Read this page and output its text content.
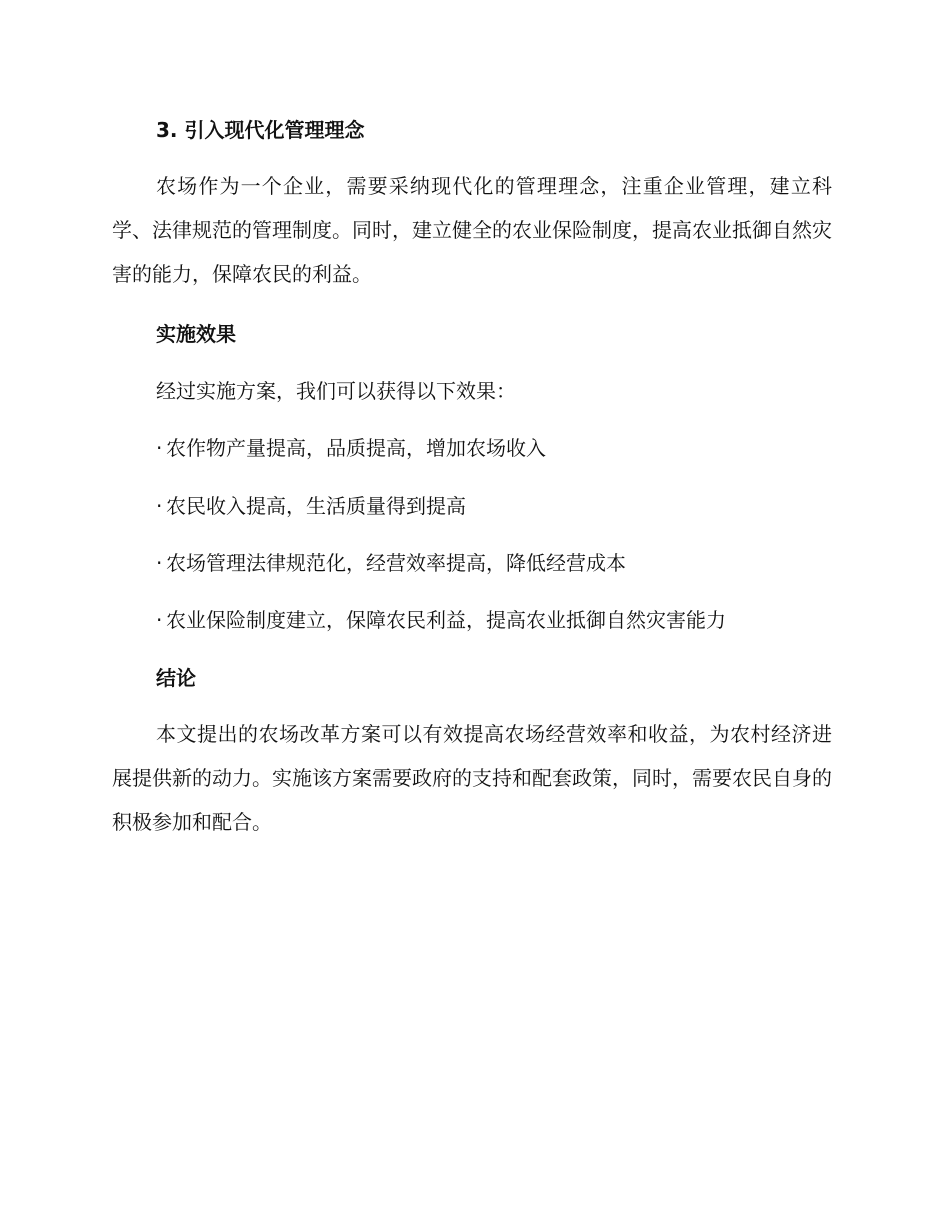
3. 引入现代化管理理念
农场作为一个企业，需要采纳现代化的管理理念，注重企业管理，建立科学、法律规范的管理制度。同时，建立健全的农业保险制度，提高农业抵御自然灾害的能力，保障农民的利益。
实施效果
经过实施方案，我们可以获得以下效果：
· 农作物产量提高，品质提高，增加农场收入
· 农民收入提高，生活质量得到提高
· 农场管理法律规范化，经营效率提高，降低经营成本
· 农业保险制度建立，保障农民利益，提高农业抵御自然灾害能力
结论
本文提出的农场改革方案可以有效提高农场经营效率和收益，为农村经济进展提供新的动力。实施该方案需要政府的支持和配套政策，同时，需要农民自身的积极参加和配合。
